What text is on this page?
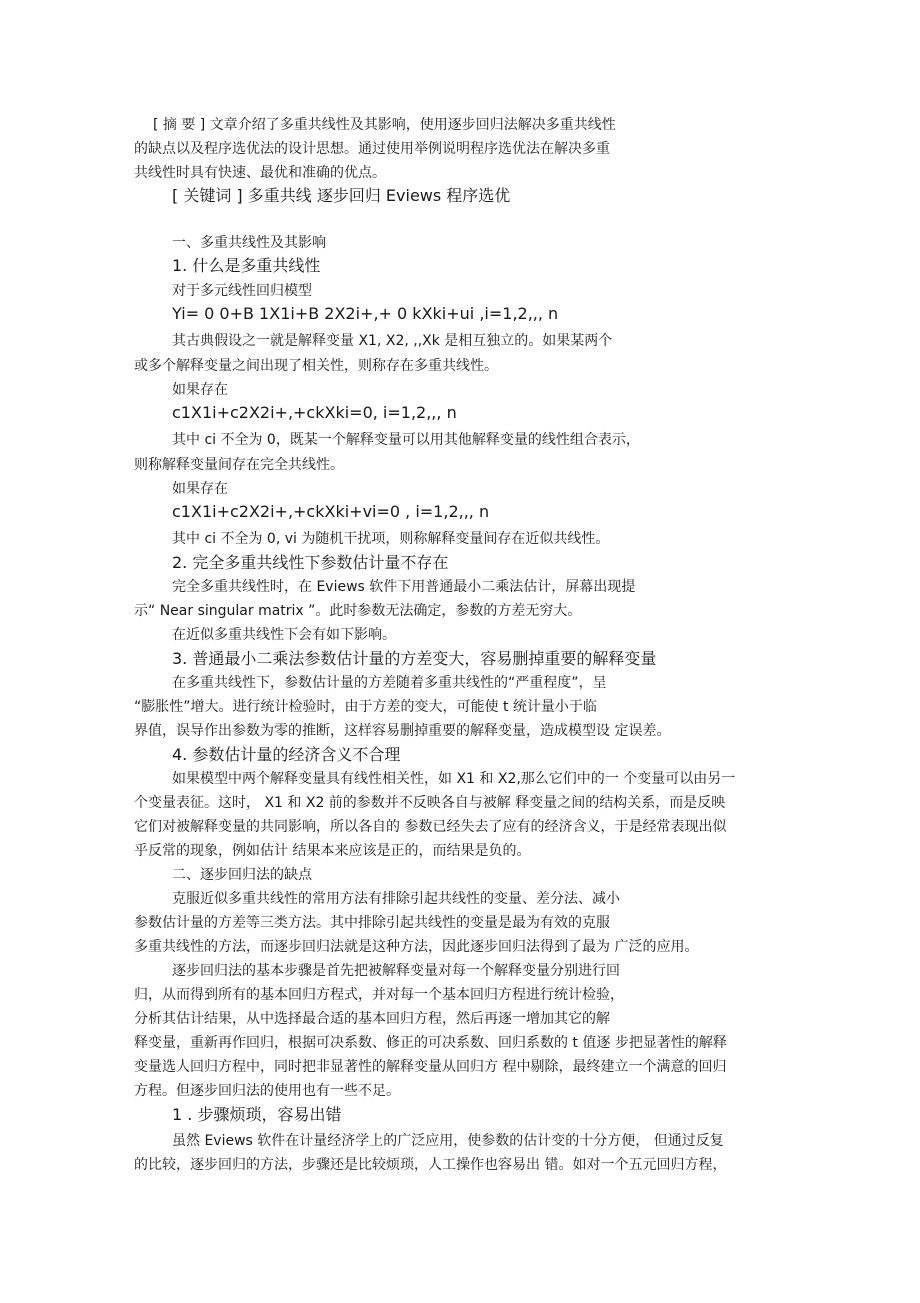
[ 摘 要 ] 文章介绍了多重共线性及其影响，使用逐步回归法解决多重共线性
的缺点以及程序选优法的设计思想。通过使用举例说明程序选优法在解决多重
共线性时具有快速、最优和准确的优点。
[ 关键词 ] 多重共线 逐步回归 Eviews 程序选优
一、多重共线性及其影响
1. 什么是多重共线性
对于多元线性回归模型
Yi= 0 0+B 1X1i+B 2X2i+,+ 0 kXki+ui ,i=1,2,,, n
其古典假设之一就是解释变量 X1, X2, ,,Xk 是相互独立的。如果某两个
或多个解释变量之间出现了相关性，则称存在多重共线性。
如果存在
c1X1i+c2X2i+,+ckXki=0, i=1,2,,, n
其中 ci 不全为 0，既某一个解释变量可以用其他解释变量的线性组合表示，
则称解释变量间存在完全共线性。
如果存在
c1X1i+c2X2i+,+ckXki+vi=0 , i=1,2,,, n
其中 ci 不全为 0, vi 为随机干扰项，则称解释变量间存在近似共线性。
2. 完全多重共线性下参数估计量不存在
完全多重共线性时，在 Eviews 软件下用普通最小二乘法估计，屏幕出现提
示“ Near singular matrix ”。此时参数无法确定，参数的方差无穷大。
在近似多重共线性下会有如下影响。
3. 普通最小二乘法参数估计量的方差变大，容易删掉重要的解释变量
在多重共线性下，参数估计量的方差随着多重共线性的“严重程度”，呈
“膨胀性”增大。进行统计检验时，由于方差的变大，可能使 t 统计量小于临
界值，误导作出参数为零的推断，这样容易删掉重要的解释变量，造成模型设 定误差。
4. 参数估计量的经济含义不合理
如果模型中两个解释变量具有线性相关性，如 X1 和 X2,那么它们中的一 个变量可以由另一
个变量表征。这时， X1 和 X2 前的参数并不反映各自与被解 释变量之间的结构关系，而是反映
它们对被解释变量的共同影响，所以各自的 参数已经失去了应有的经济含义，于是经常表现出似
乎反常的现象，例如估计 结果本来应该是正的，而结果是负的。
二、逐步回归法的缺点
克服近似多重共线性的常用方法有排除引起共线性的变量、差分法、减小
参数估计量的方差等三类方法。其中排除引起共线性的变量是最为有效的克服
多重共线性的方法，而逐步回归法就是这种方法，因此逐步回归法得到了最为 广泛的应用。
逐步回归法的基本步骤是首先把被解释变量对每一个解释变量分别进行回
归，从而得到所有的基本回归方程式，并对每一个基本回归方程进行统计检验，
分析其估计结果，从中选择最合适的基本回归方程，然后再逐一增加其它的解
释变量，重新再作回归，根据可决系数、修正的可决系数、回归系数的 t 值逐 步把显著性的解释
变量选人回归方程中，同时把非显著性的解释变量从回归方 程中剔除，最终建立一个满意的回归
方程。但逐步回归法的使用也有一些不足。
1 . 步骤烦琐，容易出错
虽然 Eviews 软件在计量经济学上的广泛应用，使参数的估计变的十分方便， 但通过反复
的比较，逐步回归的方法，步骤还是比较烦琐，人工操作也容易出 错。如对一个五元回归方程，
